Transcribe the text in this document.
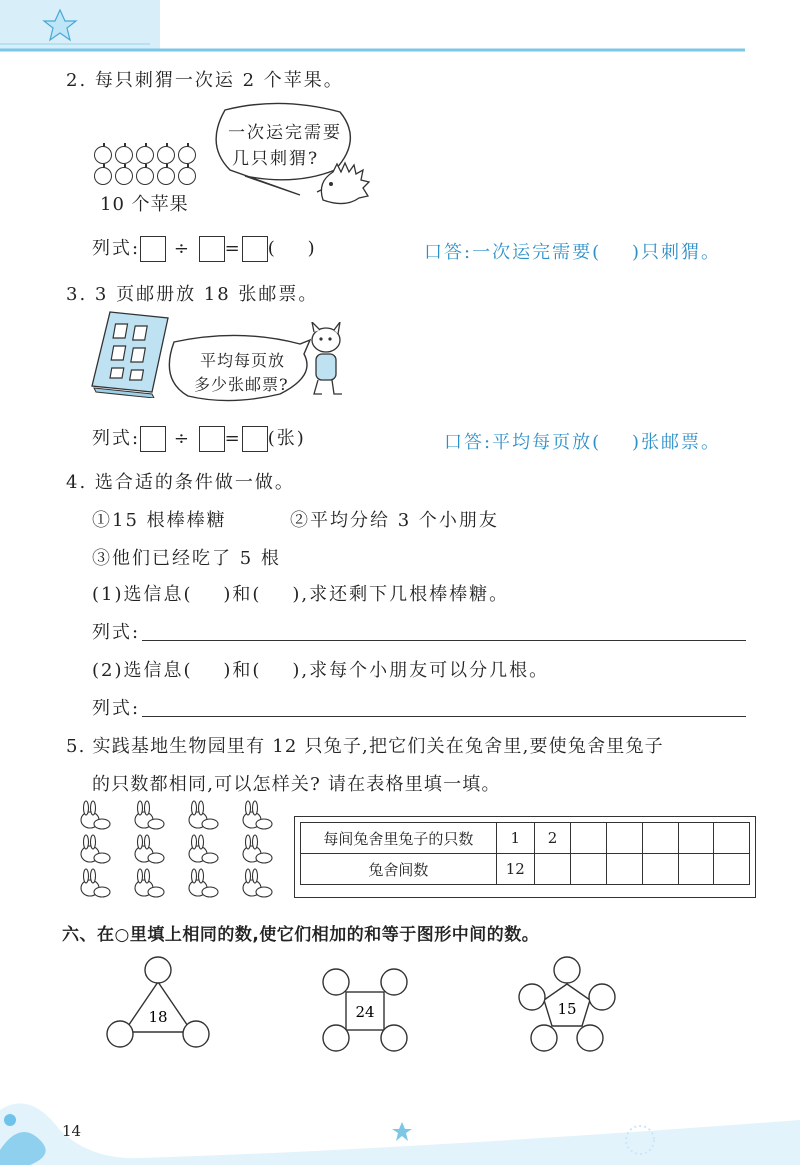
2. 每只刺猬一次运 2 个苹果。
10 个苹果
一次运完需要
几只刺猬?
列式: ÷ = (    )	口答:一次运完需要(    )只刺猬。
3. 3 页邮册放 18 张邮票。
平均每页放
多少张邮票?
列式: ÷ = (张)	口答:平均每页放(    )张邮票。
4. 选合适的条件做一做。
①15 根棒棒糖	②平均分给 3 个小朋友
③他们已经吃了 5 根
(1)选信息(    )和(    ),求还剩下几根棒棒糖。
列式:
(2)选信息(    )和(    ),求每个小朋友可以分几根。
列式:
5. 实践基地生物园里有 12 只兔子,把它们关在兔舍里,要使兔舍里兔子
的只数都相同,可以怎样关? 请在表格里填一填。
每间兔舍里兔子的只数	1	2					
兔舍间数	12						
六、在○里填上相同的数,使它们相加的和等于图形中间的数。
18	24	15
14
